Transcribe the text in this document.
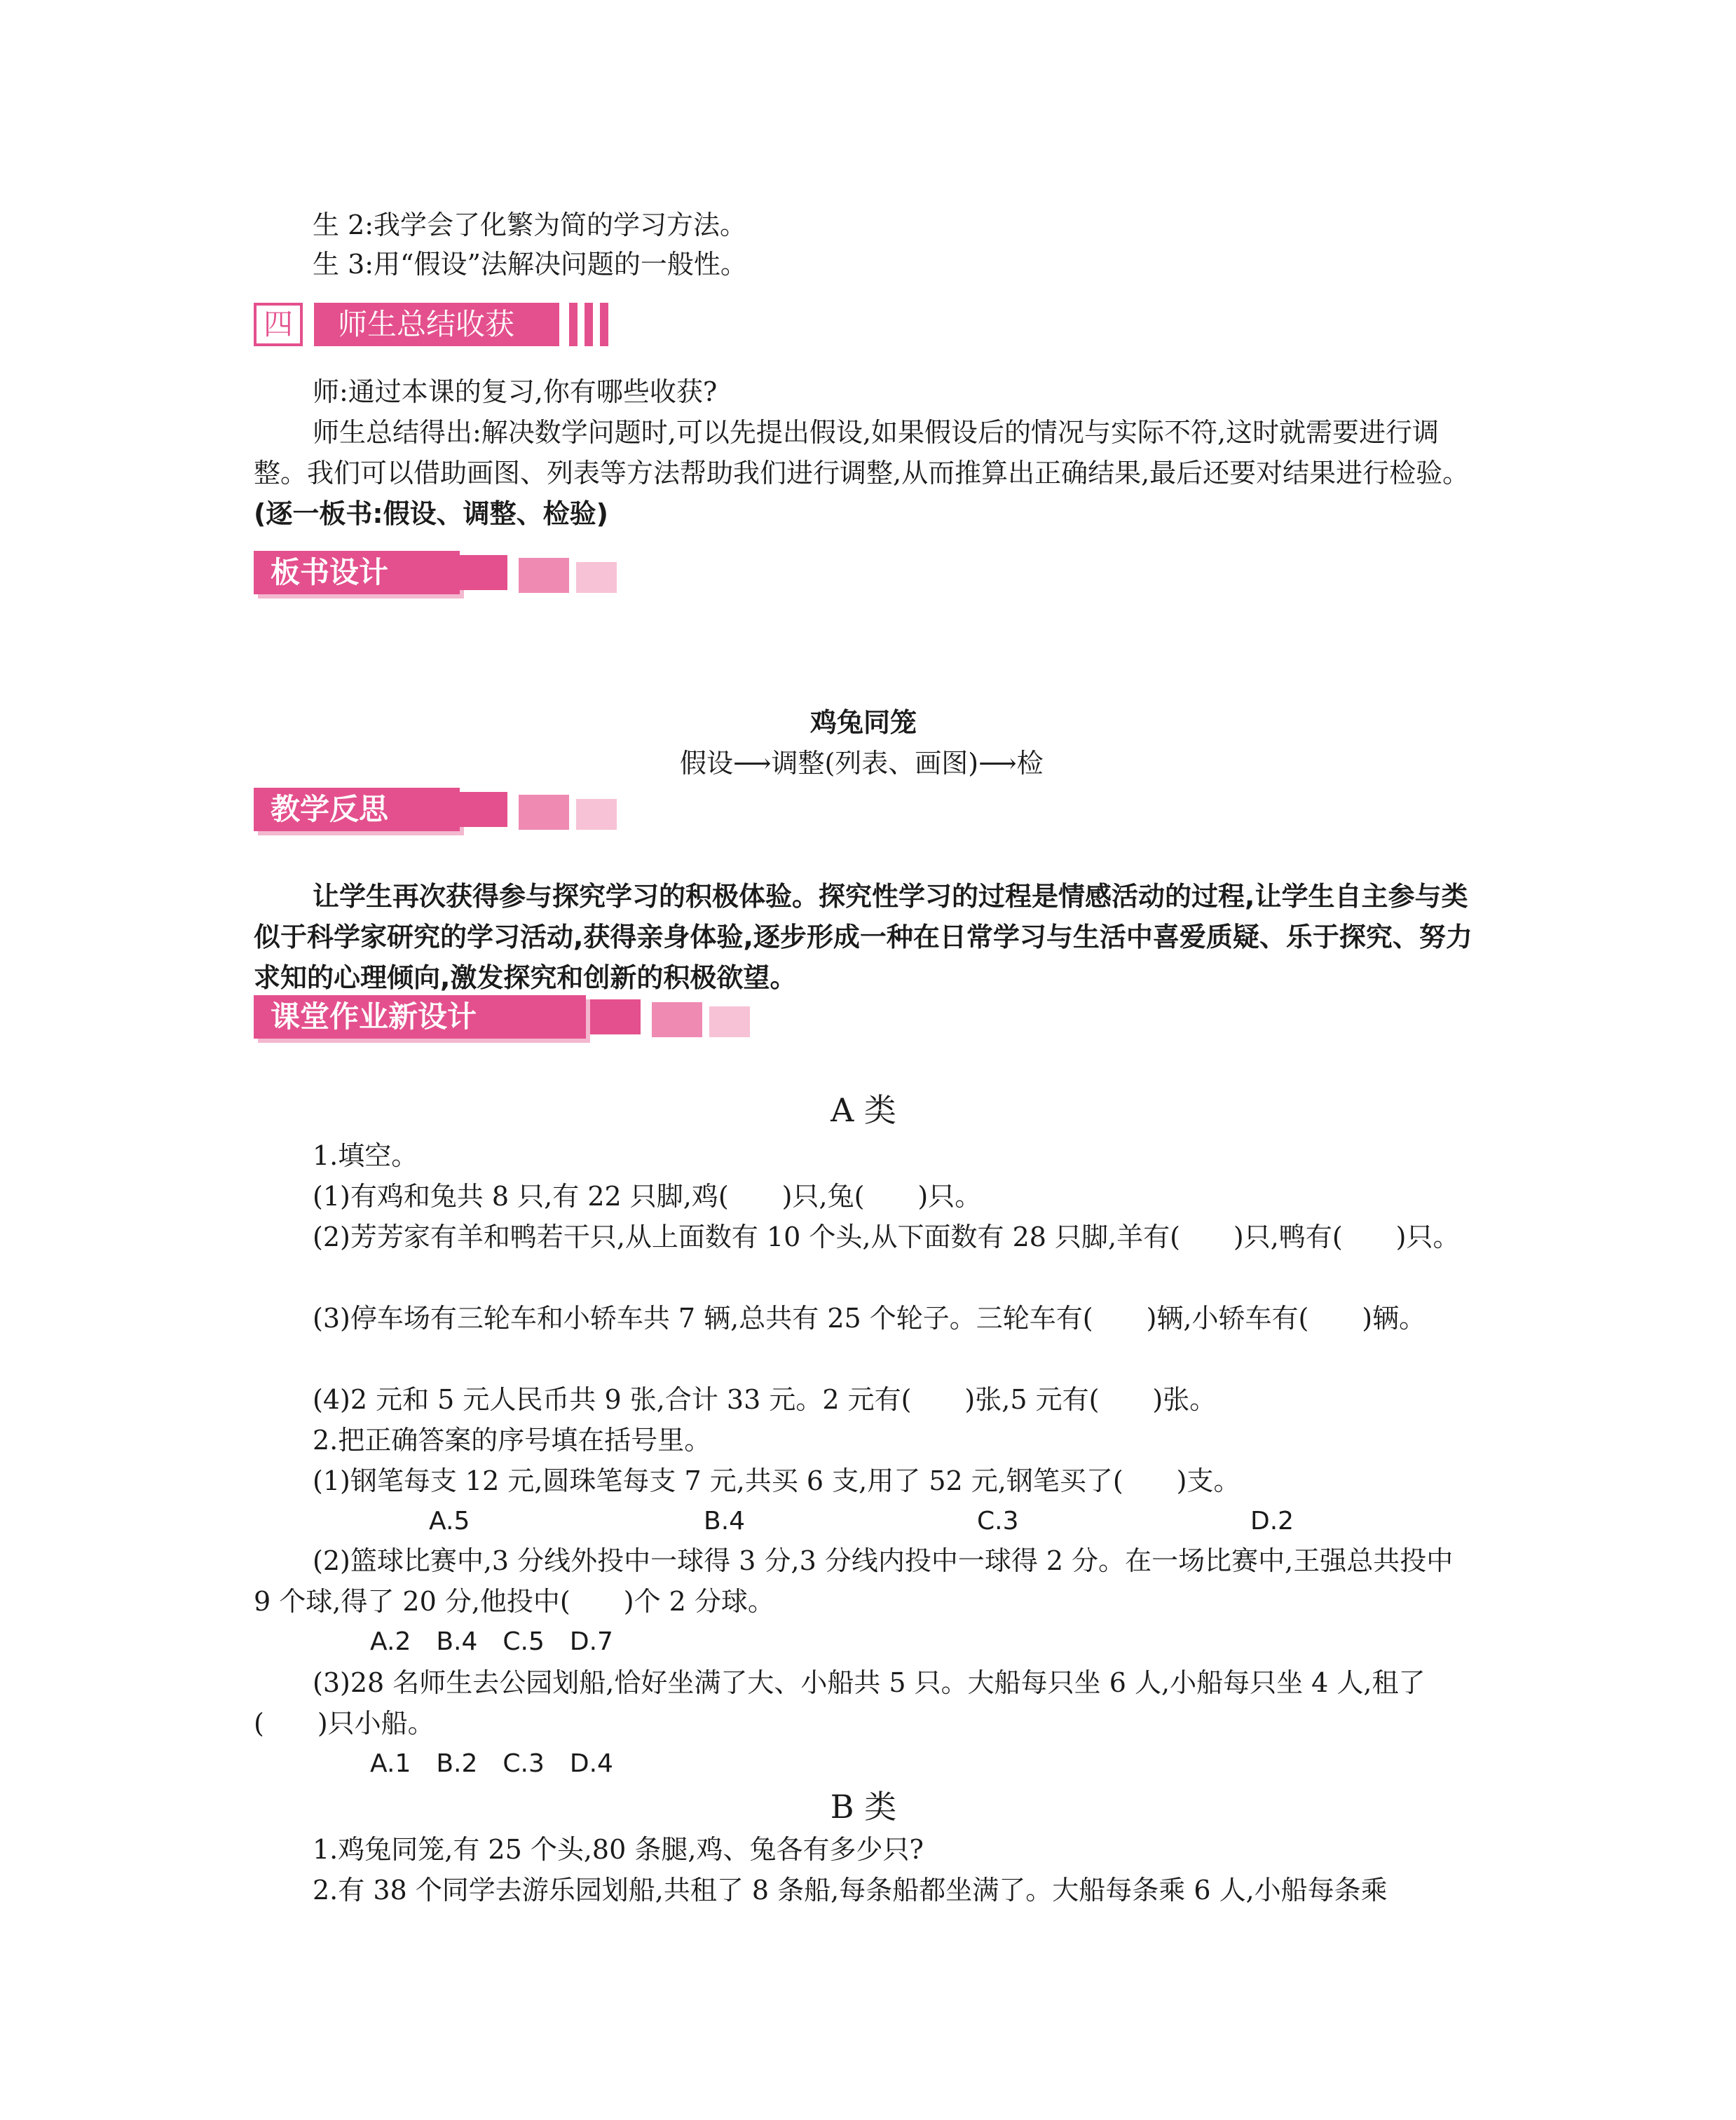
生 2:我学会了化繁为简的学习方法。
生 3:用“假设”法解决问题的一般性。
四	师生总结收获
师:通过本课的复习,你有哪些收获?

师生总结得出:解决数学问题时,可以先提出假设,如果假设后的情况与实际不符,这时就需要进行调整。我们可以借助画图、列表等方法帮助我们进行调整,从而推算出正确结果,最后还要对结果进行检验。(逐一板书:假设、调整、检验)

板书设计
鸡兔同笼
假设⟶调整(列表、画图)⟶检
教学反思

让学生再次获得参与探究学习的积极体验。探究性学习的过程是情感活动的过程,让学生自主参与类似于科学家研究的学习活动,获得亲身体验,逐步形成一种在日常学习与生活中喜爱质疑、乐于探究、努力求知的心理倾向,激发探究和创新的积极欲望。

课堂作业新设计
A 类
1.填空。
(1)有鸡和兔共 8 只,有 22 只脚,鸡(　　)只,兔(　　)只。

(2)芳芳家有羊和鸭若干只,从上面数有 10 个头,从下面数有 28 只脚,羊有(　　)只,鸭有(　　)只。

(3)停车场有三轮车和小轿车共 7 辆,总共有 25 个轮子。三轮车有(　　)辆,小轿车有(　　)辆。

(4)2 元和 5 元人民币共 9 张,合计 33 元。2 元有(　　)张,5 元有(　　)张。
2.把正确答案的序号填在括号里。
(1)钢笔每支 12 元,圆珠笔每支 7 元,共买 6 支,用了 52 元,钢笔买了(　　)支。
A.5	B.4	C.3	D.2

(2)篮球比赛中,3 分线外投中一球得 3 分,3 分线内投中一球得 2 分。在一场比赛中,王强总共投中 9 个球,得了 20 分,他投中(　　)个 2 分球。

A.2　B.4　C.5　D.7

(3)28 名师生去公园划船,恰好坐满了大、小船共 5 只。大船每只坐 6 人,小船每只坐 4 人,租了(　　)只小船。

A.1　B.2　C.3　D.4
B 类
1.鸡兔同笼,有 25 个头,80 条腿,鸡、兔各有多少只?
2.有 38 个同学去游乐园划船,共租了 8 条船,每条船都坐满了。大船每条乘 6 人,小船每条乘
